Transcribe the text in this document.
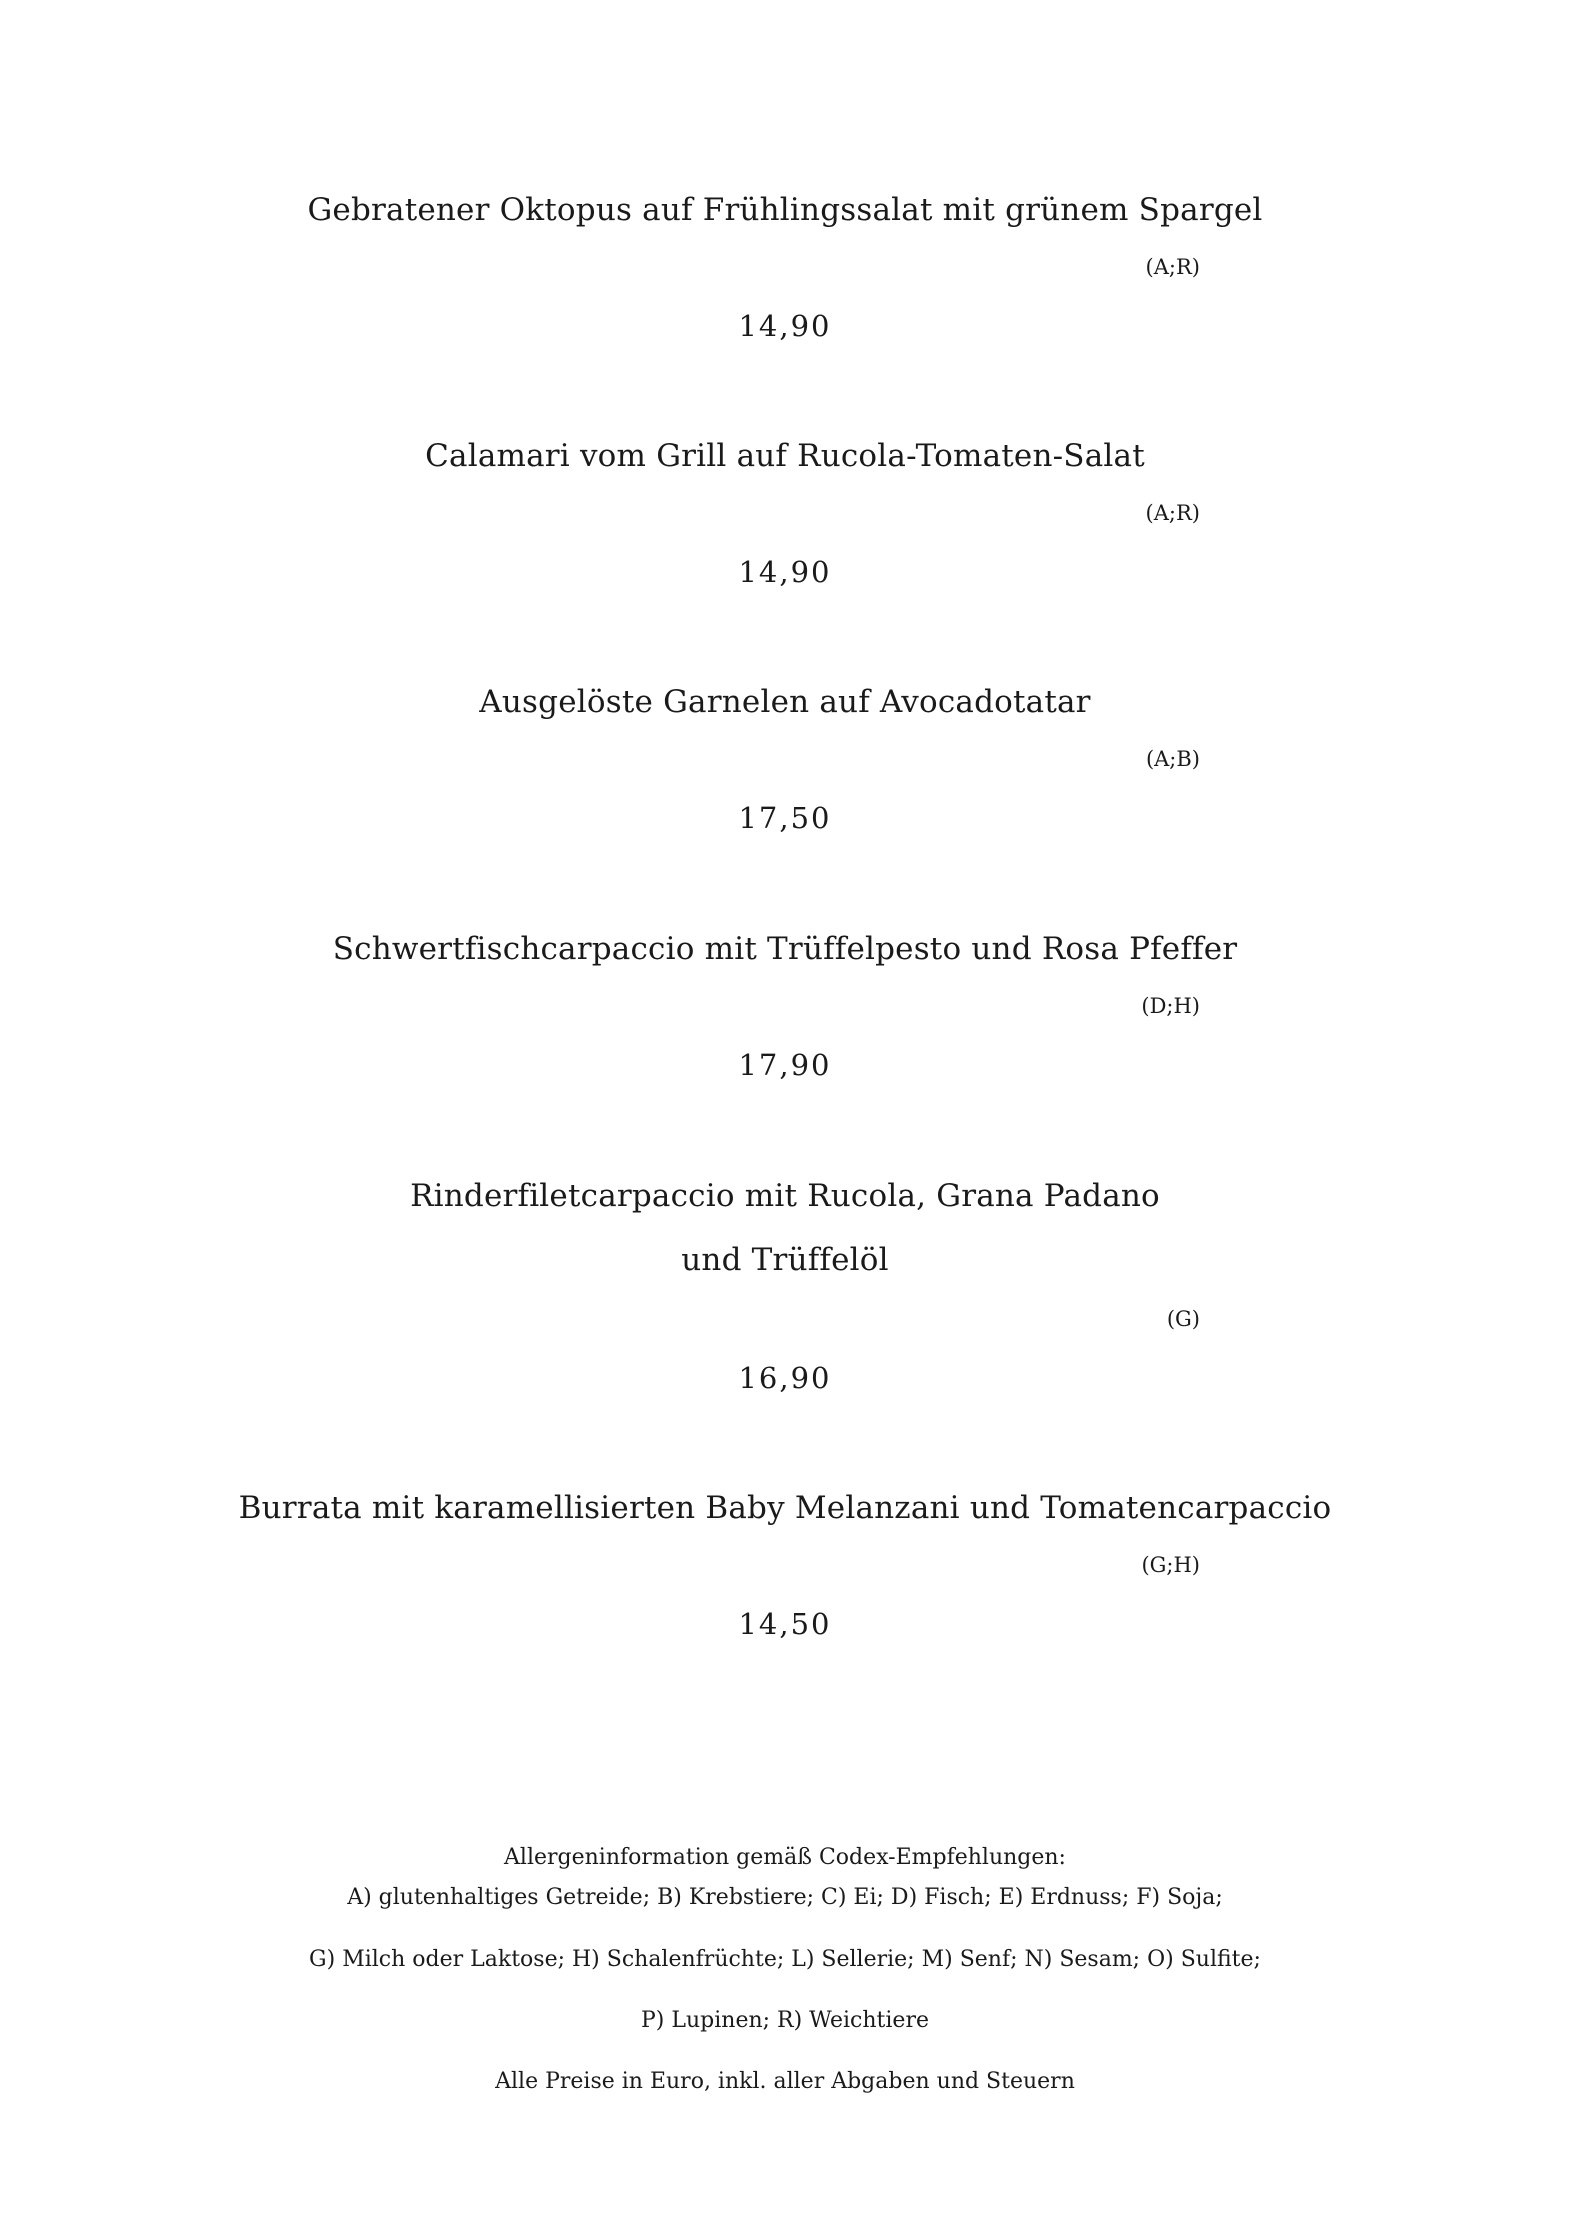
Gebratener Oktopus auf Frühlingssalat mit grünem Spargel
(A;R)
14,90
Calamari vom Grill auf Rucola-Tomaten-Salat
(A;R)
14,90
Ausgelöste Garnelen auf Avocadotatar
(A;B)
17,50
Schwertfischcarpaccio mit Trüffelpesto und Rosa Pfeffer
(D;H)
17,90
Rinderfiletcarpaccio mit Rucola, Grana Padano
und Trüffelöl
(G)
16,90
Burrata mit karamellisierten Baby Melanzani und Tomatencarpaccio
(G;H)
14,50
Allergeninformation gemäß Codex-Empfehlungen:
A) glutenhaltiges Getreide; B) Krebstiere; C) Ei; D) Fisch; E) Erdnuss; F) Soja;
G) Milch oder Laktose; H) Schalenfrüchte; L) Sellerie; M) Senf; N) Sesam; O) Sulfite;
P) Lupinen; R) Weichtiere
Alle Preise in Euro, inkl. aller Abgaben und Steuern
